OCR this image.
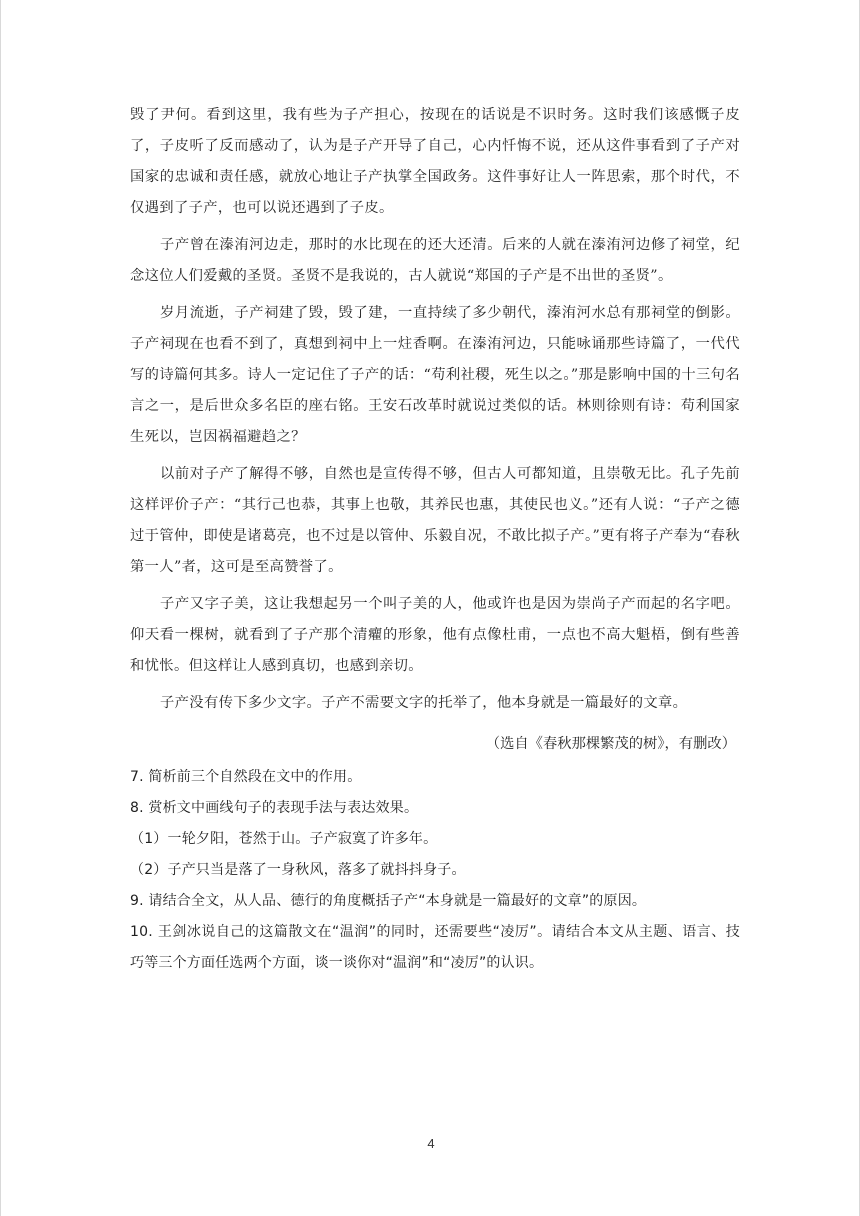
毁了尹何。看到这里，我有些为子产担心，按现在的话说是不识时务。这时我们该感慨子皮了，子皮听了反而感动了，认为是子产开导了自己，心内忏悔不说，还从这件事看到了子产对国家的忠诚和责任感，就放心地让子产执掌全国政务。这件事好让人一阵思索，那个时代，不仅遇到了子产，也可以说还遇到了子皮。

子产曾在溱洧河边走，那时的水比现在的还大还清。后来的人就在溱洧河边修了祠堂，纪念这位人们爱戴的圣贤。圣贤不是我说的，古人就说“郑国的子产是不出世的圣贤”。

岁月流逝，子产祠建了毁，毁了建，一直持续了多少朝代，溱洧河水总有那祠堂的倒影。子产祠现在也看不到了，真想到祠中上一炷香啊。在溱洧河边，只能咏诵那些诗篇了，一代代写的诗篇何其多。诗人一定记住了子产的话：“苟利社稷，死生以之。”那是影响中国的十三句名言之一，是后世众多名臣的座右铭。王安石改革时就说过类似的话。林则徐则有诗：苟利国家生死以，岂因祸福避趋之？

以前对子产了解得不够，自然也是宣传得不够，但古人可都知道，且崇敬无比。孔子先前这样评价子产：“其行己也恭，其事上也敬，其养民也惠，其使民也义。”还有人说：“子产之德过于管仲，即使是诸葛亮，也不过是以管仲、乐毅自况，不敢比拟子产。”更有将子产奉为“春秋第一人”者，这可是至高赞誉了。

子产又字子美，这让我想起另一个叫子美的人，他或许也是因为崇尚子产而起的名字吧。仰天看一棵树，就看到了子产那个清癯的形象，他有点像杜甫，一点也不高大魁梧，倒有些善和忧怅。但这样让人感到真切，也感到亲切。

子产没有传下多少文字。子产不需要文字的托举了，他本身就是一篇最好的文章。

（选自《春秋那棵繁茂的树》，有删改）

7. 简析前三个自然段在文中的作用。

8. 赏析文中画线句子的表现手法与表达效果。

（1）一轮夕阳，苍然于山。子产寂寞了许多年。

（2）子产只当是落了一身秋风，落多了就抖抖身子。

9. 请结合全文，从人品、德行的角度概括子产“本身就是一篇最好的文章”的原因。

10. 王剑冰说自己的这篇散文在“温润”的同时，还需要些“凌厉”。请结合本文从主题、语言、技巧等三个方面任选两个方面，谈一谈你对“温润”和“凌厉”的认识。

4
